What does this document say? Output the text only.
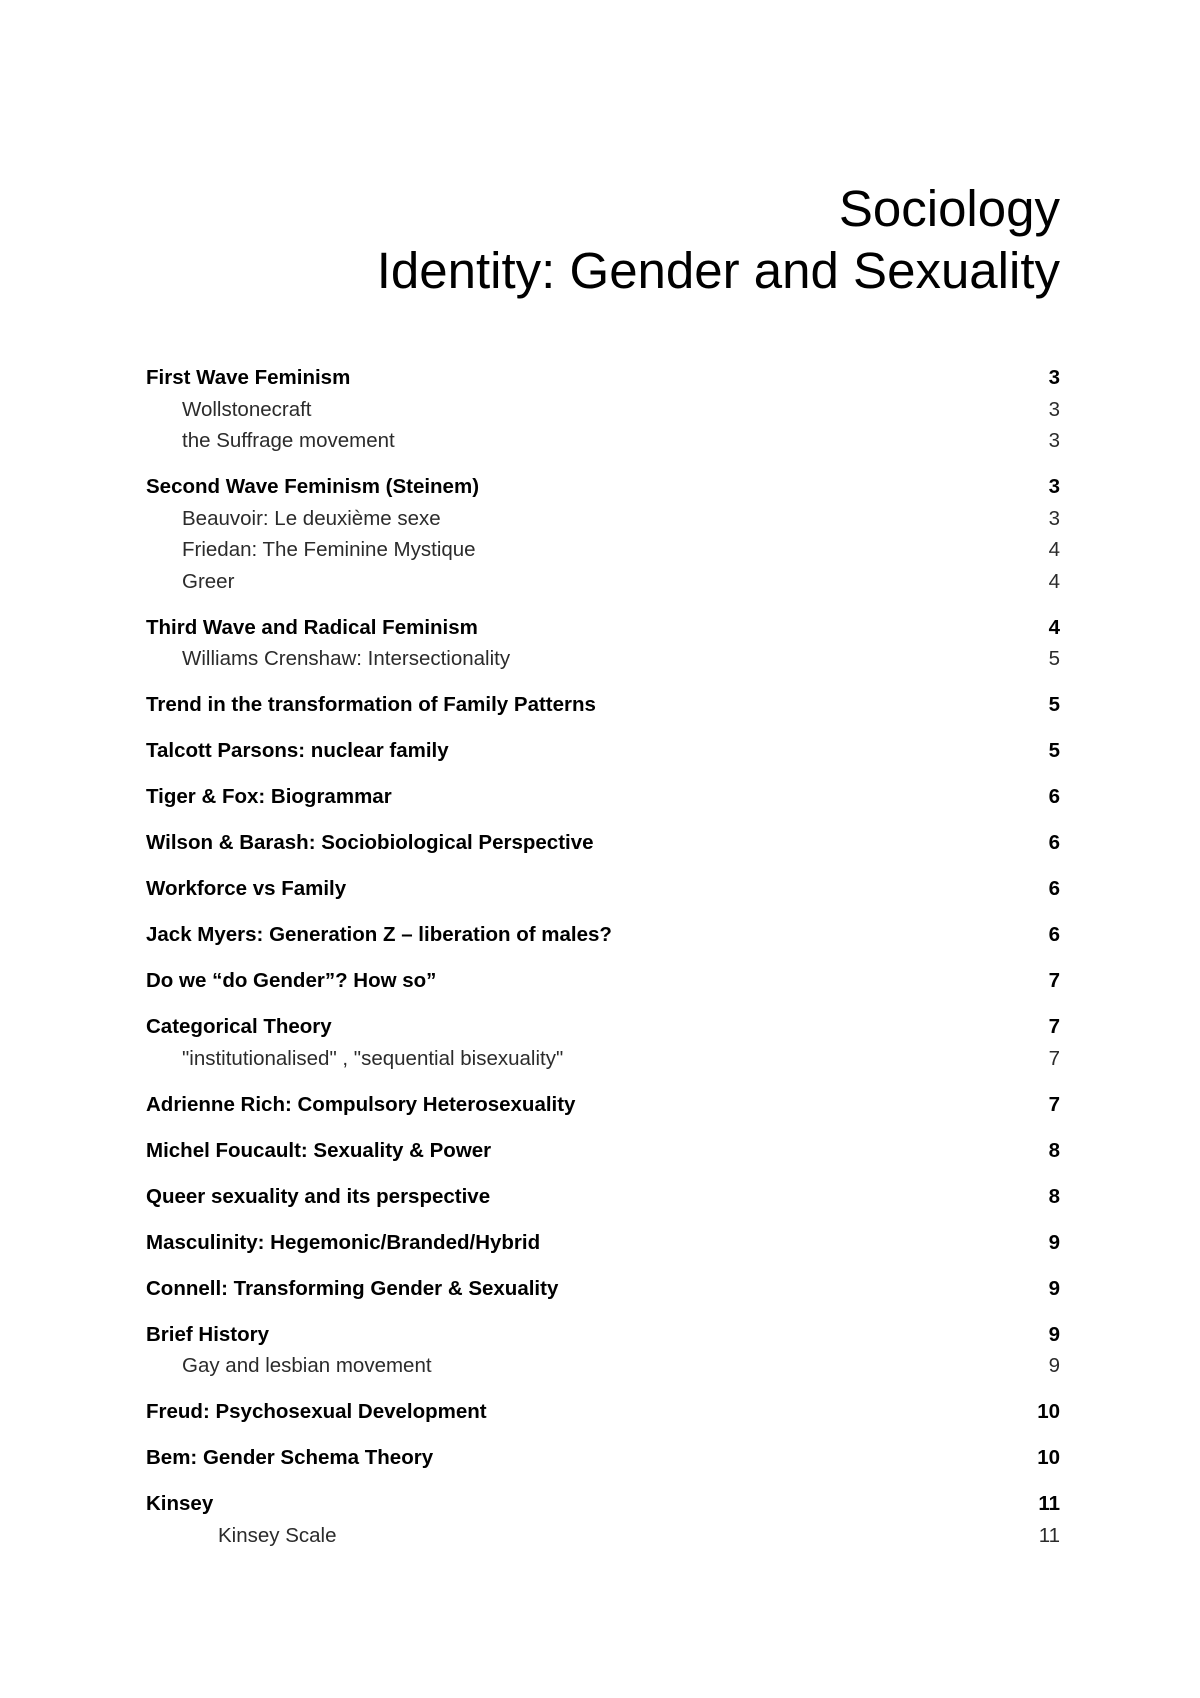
Sociology
Identity: Gender and Sexuality
First Wave Feminism	3
Wollstonecraft	3
the Suffrage movement	3
Second Wave Feminism (Steinem)	3
Beauvoir: Le deuxième sexe	3
Friedan: The Feminine Mystique	4
Greer	4
Third Wave and Radical Feminism	4
Williams Crenshaw: Intersectionality	5
Trend in the transformation of Family Patterns	5
Talcott Parsons: nuclear family	5
Tiger & Fox: Biogrammar	6
Wilson & Barash: Sociobiological Perspective	6
Workforce vs Family	6
Jack Myers: Generation Z – liberation of males?	6
Do we “do Gender”? How so”	7
Categorical Theory	7
"institutionalised" , "sequential bisexuality"	7
Adrienne Rich: Compulsory Heterosexuality	7
Michel Foucault: Sexuality & Power	8
Queer sexuality and its perspective	8
Masculinity: Hegemonic/Branded/Hybrid	9
Connell: Transforming Gender & Sexuality	9
Brief History	9
Gay and lesbian movement	9
Freud: Psychosexual Development	10
Bem: Gender Schema Theory	10
Kinsey	11
Kinsey Scale	11
